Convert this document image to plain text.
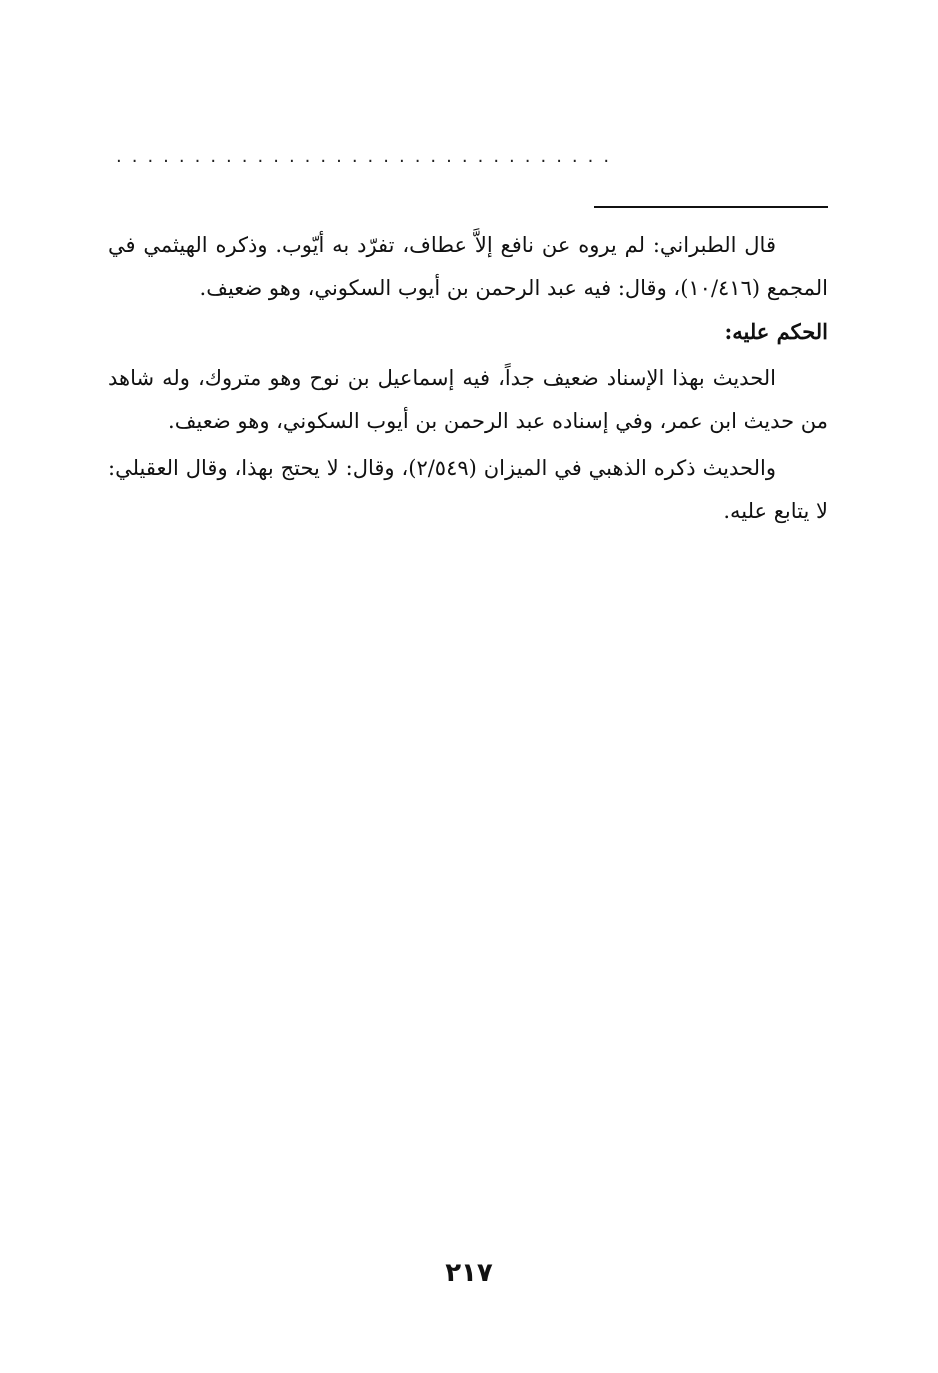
................................

قال الطبراني: لم يروه عن نافع إلاَّ عطاف، تفرّد به أيّوب. وذكره الهيثمي في المجمع (١٠/٤١٦)، وقال: فيه عبد الرحمن بن أيوب السكوني، وهو ضعيف.

الحكم عليه:

الحديث بهذا الإسناد ضعيف جداً، فيه إسماعيل بن نوح وهو متروك، وله شاهد من حديث ابن عمر، وفي إسناده عبد الرحمن بن أيوب السكوني، وهو ضعيف.

والحديث ذكره الذهبي في الميزان (٢/٥٤٩)، وقال: لا يحتج بهذا، وقال العقيلي: لا يتابع عليه.

٢١٧
